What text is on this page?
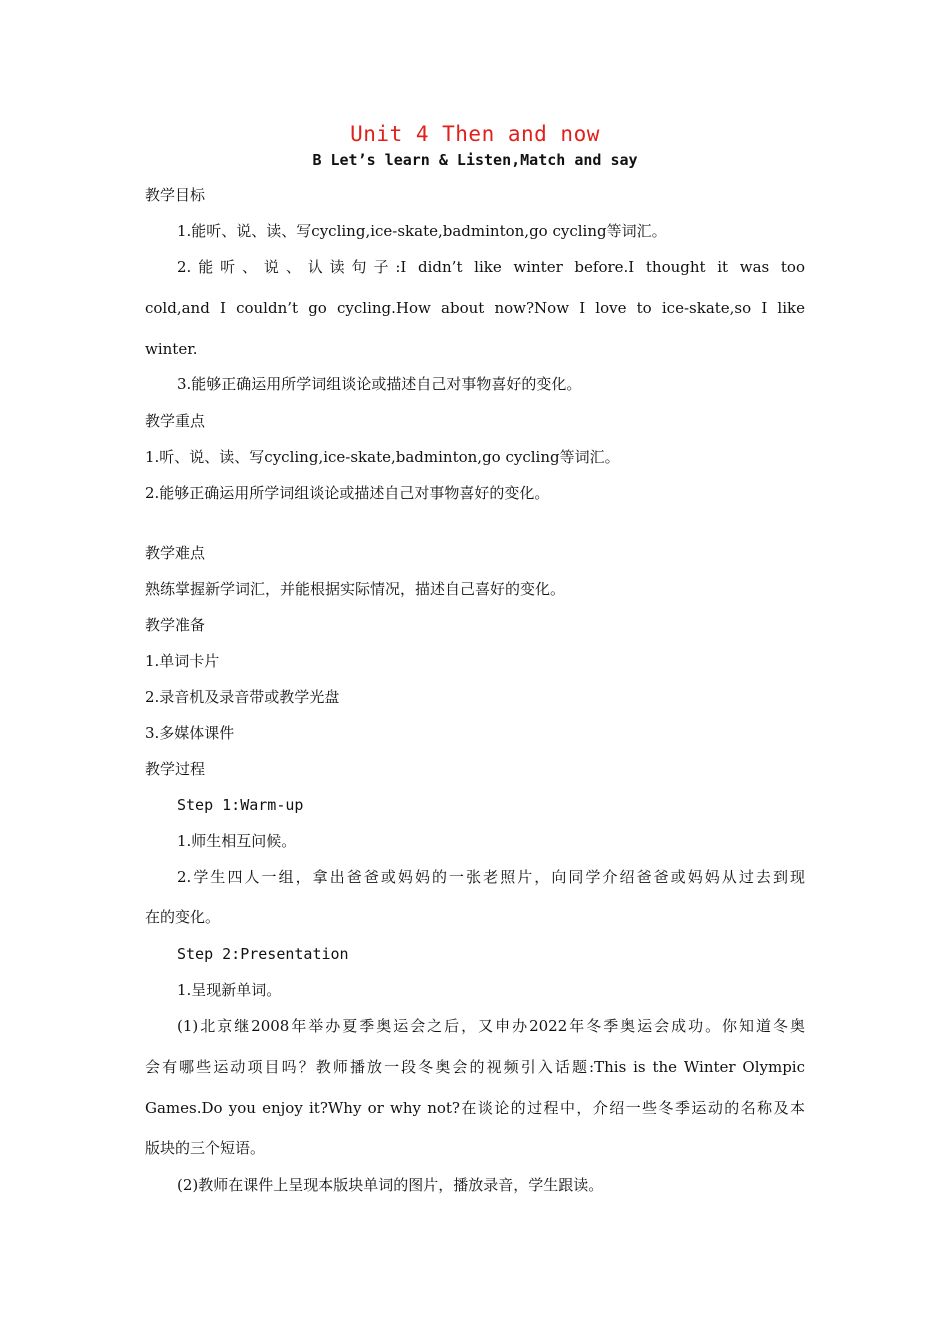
Unit 4 Then and now
B Let’s learn & Listen,Match and say
教学目标
1.能听、说、读、写cycling,ice-skate,badminton,go cycling等词汇。
2.能听、说、认读句子:I didn’t like winter before.I thought it was too
cold,and I couldn’t go cycling.How about now?Now I love to ice-skate,so I like
winter.
3.能够正确运用所学词组谈论或描述自己对事物喜好的变化。
教学重点
1.听、说、读、写cycling,ice-skate,badminton,go cycling等词汇。
2.能够正确运用所学词组谈论或描述自己对事物喜好的变化。
教学难点
熟练掌握新学词汇，并能根据实际情况，描述自己喜好的变化。
教学准备
1.单词卡片
2.录音机及录音带或教学光盘
3.多媒体课件
教学过程
Step 1:Warm-up
1.师生相互问候。
2.学生四人一组，拿出爸爸或妈妈的一张老照片，向同学介绍爸爸或妈妈从过去到现
在的变化。
Step 2:Presentation
1.呈现新单词。
(1)北京继2008年举办夏季奥运会之后，又申办2022年冬季奥运会成功。你知道冬奥
会有哪些运动项目吗？教师播放一段冬奥会的视频引入话题:This is the Winter Olympic
Games.Do you enjoy it?Why or why not?在谈论的过程中，介绍一些冬季运动的名称及本
版块的三个短语。
(2)教师在课件上呈现本版块单词的图片，播放录音，学生跟读。
